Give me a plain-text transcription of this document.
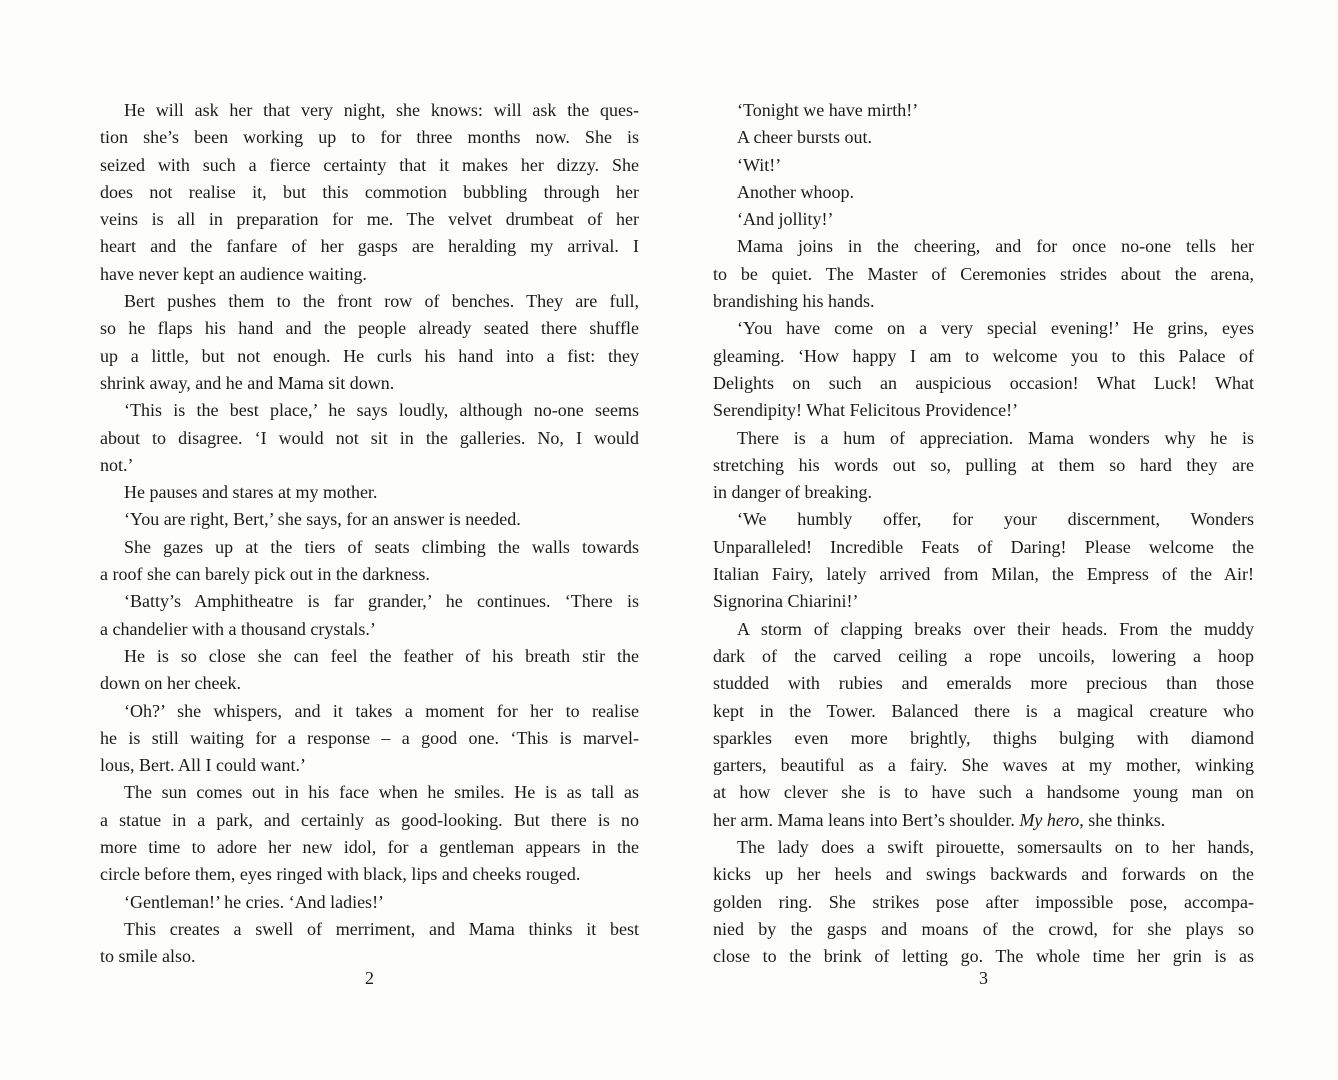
He will ask her that very night, she knows: will ask the ques-
tion she’s been working up to for three months now. She is
seized with such a fierce certainty that it makes her dizzy. She
does not realise it, but this commotion bubbling through her
veins is all in preparation for me. The velvet drumbeat of her
heart and the fanfare of her gasps are heralding my arrival. I
have never kept an audience waiting.

Bert pushes them to the front row of benches. They are full,
so he flaps his hand and the people already seated there shuffle
up a little, but not enough. He curls his hand into a fist: they
shrink away, and he and Mama sit down.

‘This is the best place,’ he says loudly, although no-one seems
about to disagree. ‘I would not sit in the galleries. No, I would
not.’

He pauses and stares at my mother.

‘You are right, Bert,’ she says, for an answer is needed.

She gazes up at the tiers of seats climbing the walls towards
a roof she can barely pick out in the darkness.

‘Batty’s Amphitheatre is far grander,’ he continues. ‘There is
a chandelier with a thousand crystals.’

He is so close she can feel the feather of his breath stir the
down on her cheek.

‘Oh?’ she whispers, and it takes a moment for her to realise
he is still waiting for a response – a good one. ‘This is marvel-
lous, Bert. All I could want.’

The sun comes out in his face when he smiles. He is as tall as
a statue in a park, and certainly as good-looking. But there is no
more time to adore her new idol, for a gentleman appears in the
circle before them, eyes ringed with black, lips and cheeks rouged.

‘Gentleman!’ he cries. ‘And ladies!’

This creates a swell of merriment, and Mama thinks it best
to smile also.

‘Tonight we have mirth!’

A cheer bursts out.

‘Wit!’

Another whoop.

‘And jollity!’

Mama joins in the cheering, and for once no-one tells her
to be quiet. The Master of Ceremonies strides about the arena,
brandishing his hands.

‘You have come on a very special evening!’ He grins, eyes
gleaming. ‘How happy I am to welcome you to this Palace of
Delights on such an auspicious occasion! What Luck! What
Serendipity! What Felicitous Providence!’

There is a hum of appreciation. Mama wonders why he is
stretching his words out so, pulling at them so hard they are
in danger of breaking.

‘We humbly offer, for your discernment, Wonders
Unparalleled! Incredible Feats of Daring! Please welcome the
Italian Fairy, lately arrived from Milan, the Empress of the Air!
Signorina Chiarini!’

A storm of clapping breaks over their heads. From the muddy
dark of the carved ceiling a rope uncoils, lowering a hoop
studded with rubies and emeralds more precious than those
kept in the Tower. Balanced there is a magical creature who
sparkles even more brightly, thighs bulging with diamond
garters, beautiful as a fairy. She waves at my mother, winking
at how clever she is to have such a handsome young man on
her arm. Mama leans into Bert’s shoulder. My hero, she thinks.

The lady does a swift pirouette, somersaults on to her hands,
kicks up her heels and swings backwards and forwards on the
golden ring. She strikes pose after impossible pose, accompa-
nied by the gasps and moans of the crowd, for she plays so
close to the brink of letting go. The whole time her grin is as

2	3
